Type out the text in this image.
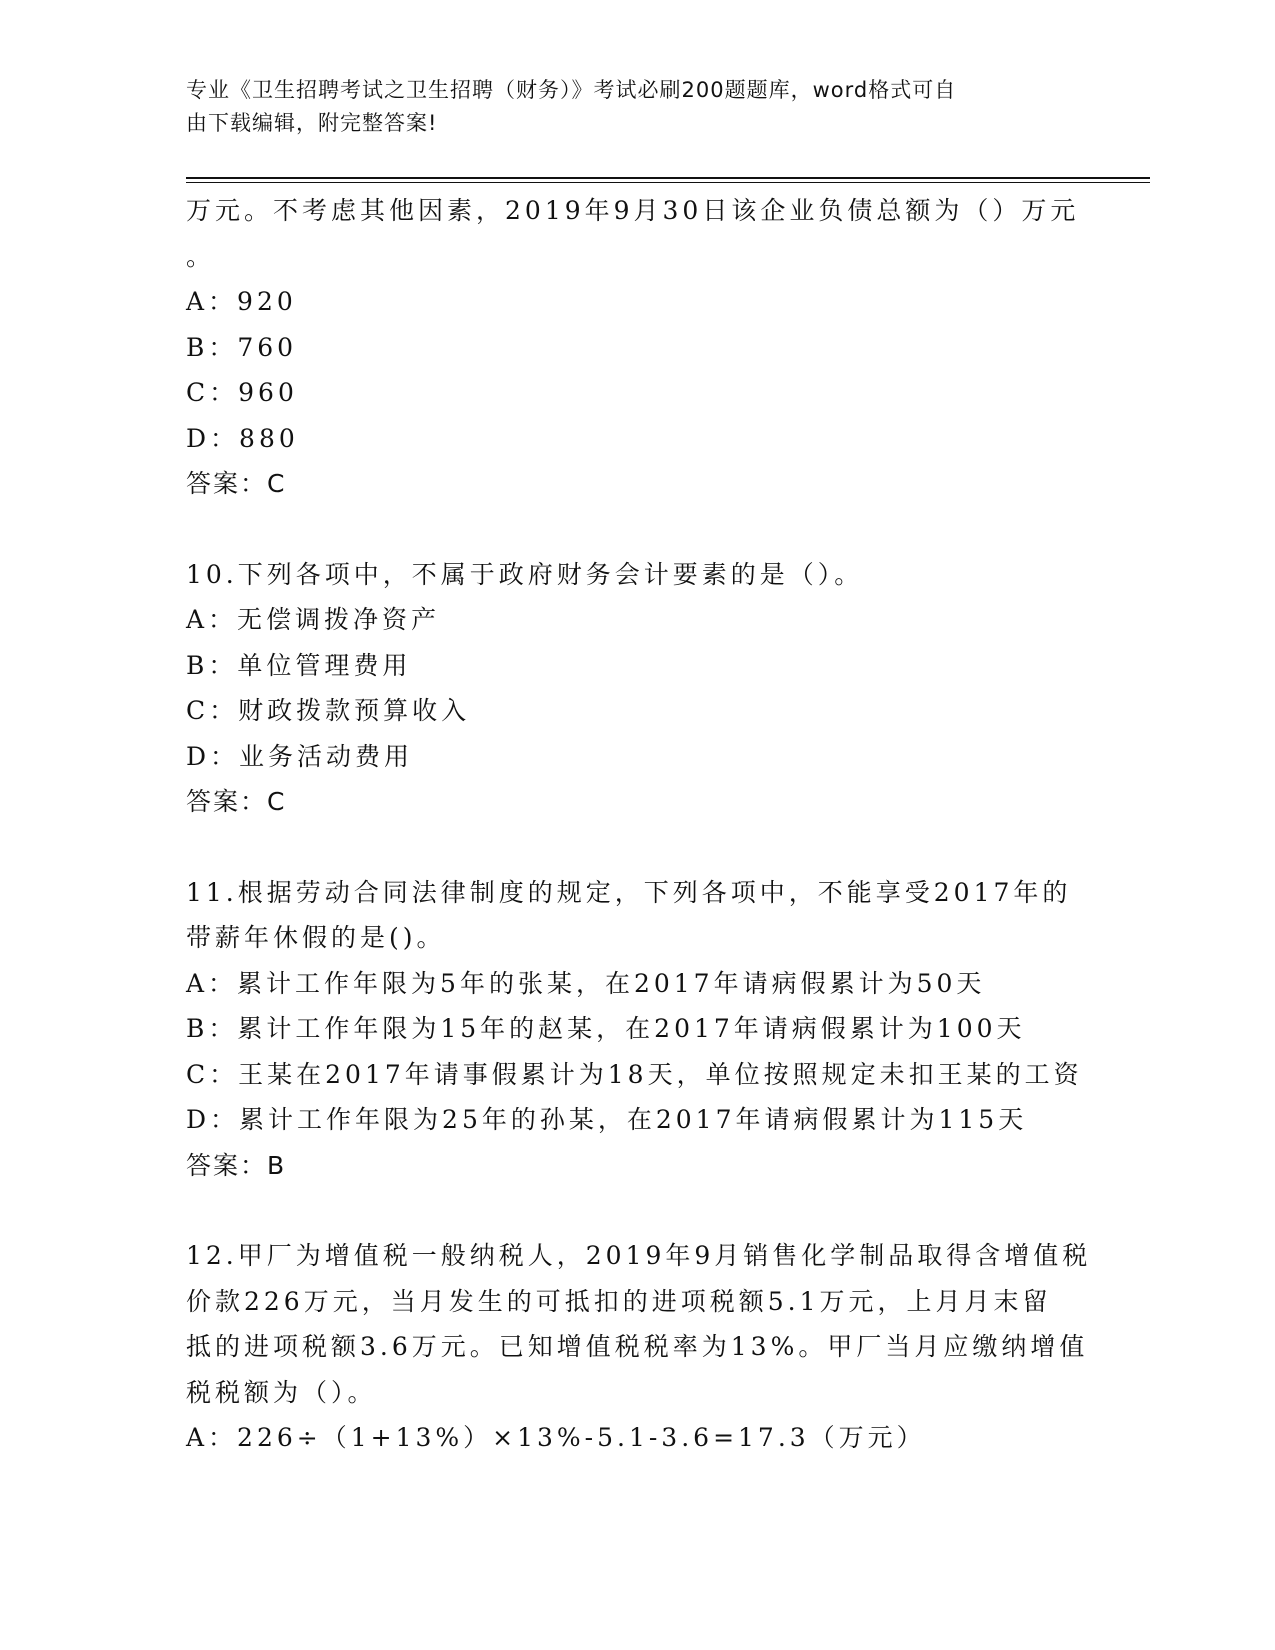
专业《卫生招聘考试之卫生招聘（财务）》考试必刷200题题库，word格式可自
由下载编辑，附完整答案!
万元。不考虑其他因素，2019年9月30日该企业负债总额为（）万元
。
A：920
B：760
C：960
D：880
答案：C
10.下列各项中，不属于政府财务会计要素的是（）。
A：无偿调拨净资产
B：单位管理费用
C：财政拨款预算收入
D：业务活动费用
答案：C
11.根据劳动合同法律制度的规定，下列各项中，不能享受2017年的
带薪年休假的是()。
A：累计工作年限为5年的张某，在2017年请病假累计为50天
B：累计工作年限为15年的赵某，在2017年请病假累计为100天
C：王某在2017年请事假累计为18天，单位按照规定未扣王某的工资
D：累计工作年限为25年的孙某，在2017年请病假累计为115天
答案：B
12.甲厂为增值税一般纳税人，2019年9月销售化学制品取得含增值税
价款226万元，当月发生的可抵扣的进项税额5.1万元，上月月末留
抵的进项税额3.6万元。已知增值税税率为13%。甲厂当月应缴纳增值
税税额为（）。
A：226÷（1+13%）×13%-5.1-3.6=17.3（万元）
